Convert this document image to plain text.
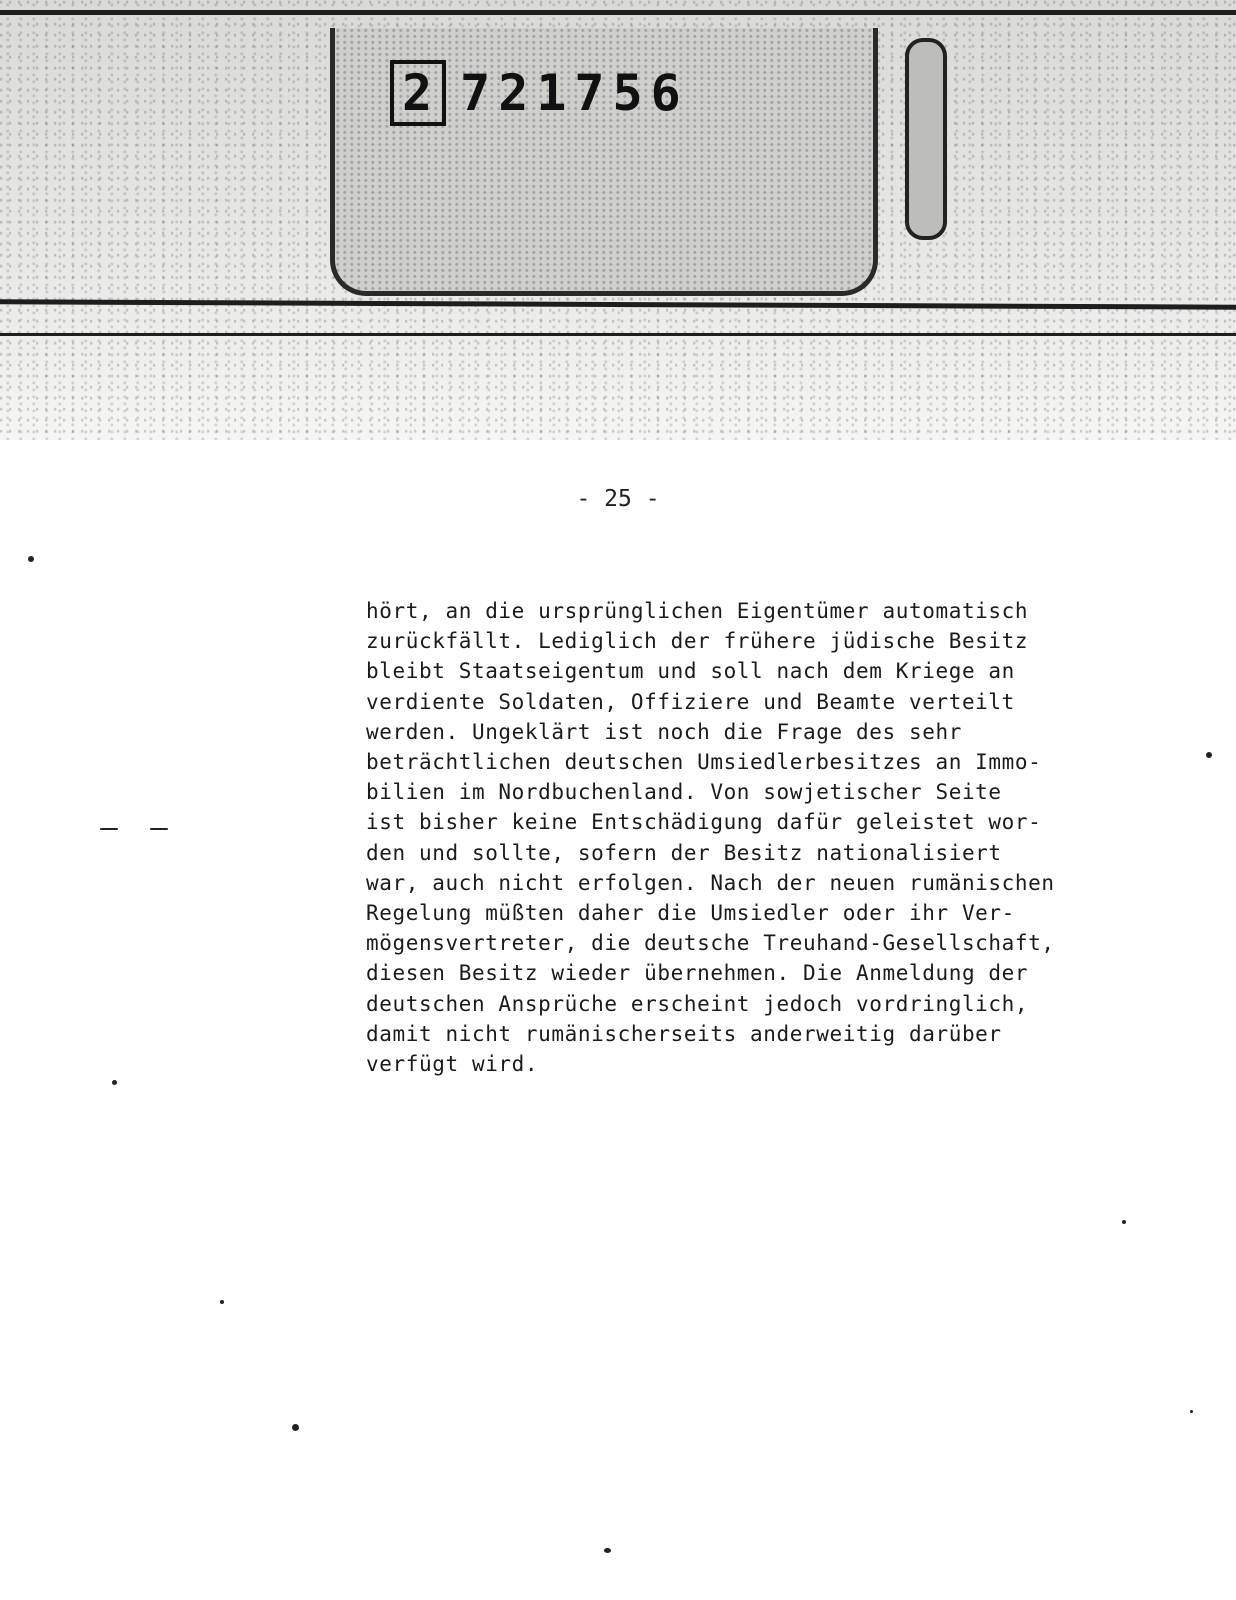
2 721756
- 25 -
hört, an die ursprünglichen Eigentümer automatisch
zurückfällt. Lediglich der frühere jüdische Besitz
bleibt Staatseigentum und soll nach dem Kriege an
verdiente Soldaten, Offiziere und Beamte verteilt
werden. Ungeklärt ist noch die Frage des sehr
beträchtlichen deutschen Umsiedlerbesitzes an Immo-
bilien im Nordbuchenland. Von sowjetischer Seite
ist bisher keine Entschädigung dafür geleistet wor-
den und sollte, sofern der Besitz nationalisiert
war, auch nicht erfolgen. Nach der neuen rumänischen
Regelung müßten daher die Umsiedler oder ihr Ver-
mögensvertreter, die deutsche Treuhand-Gesellschaft,
diesen Besitz wieder übernehmen. Die Anmeldung der
deutschen Ansprüche erscheint jedoch vordringlich,
damit nicht rumänischerseits anderweitig darüber
verfügt wird.
